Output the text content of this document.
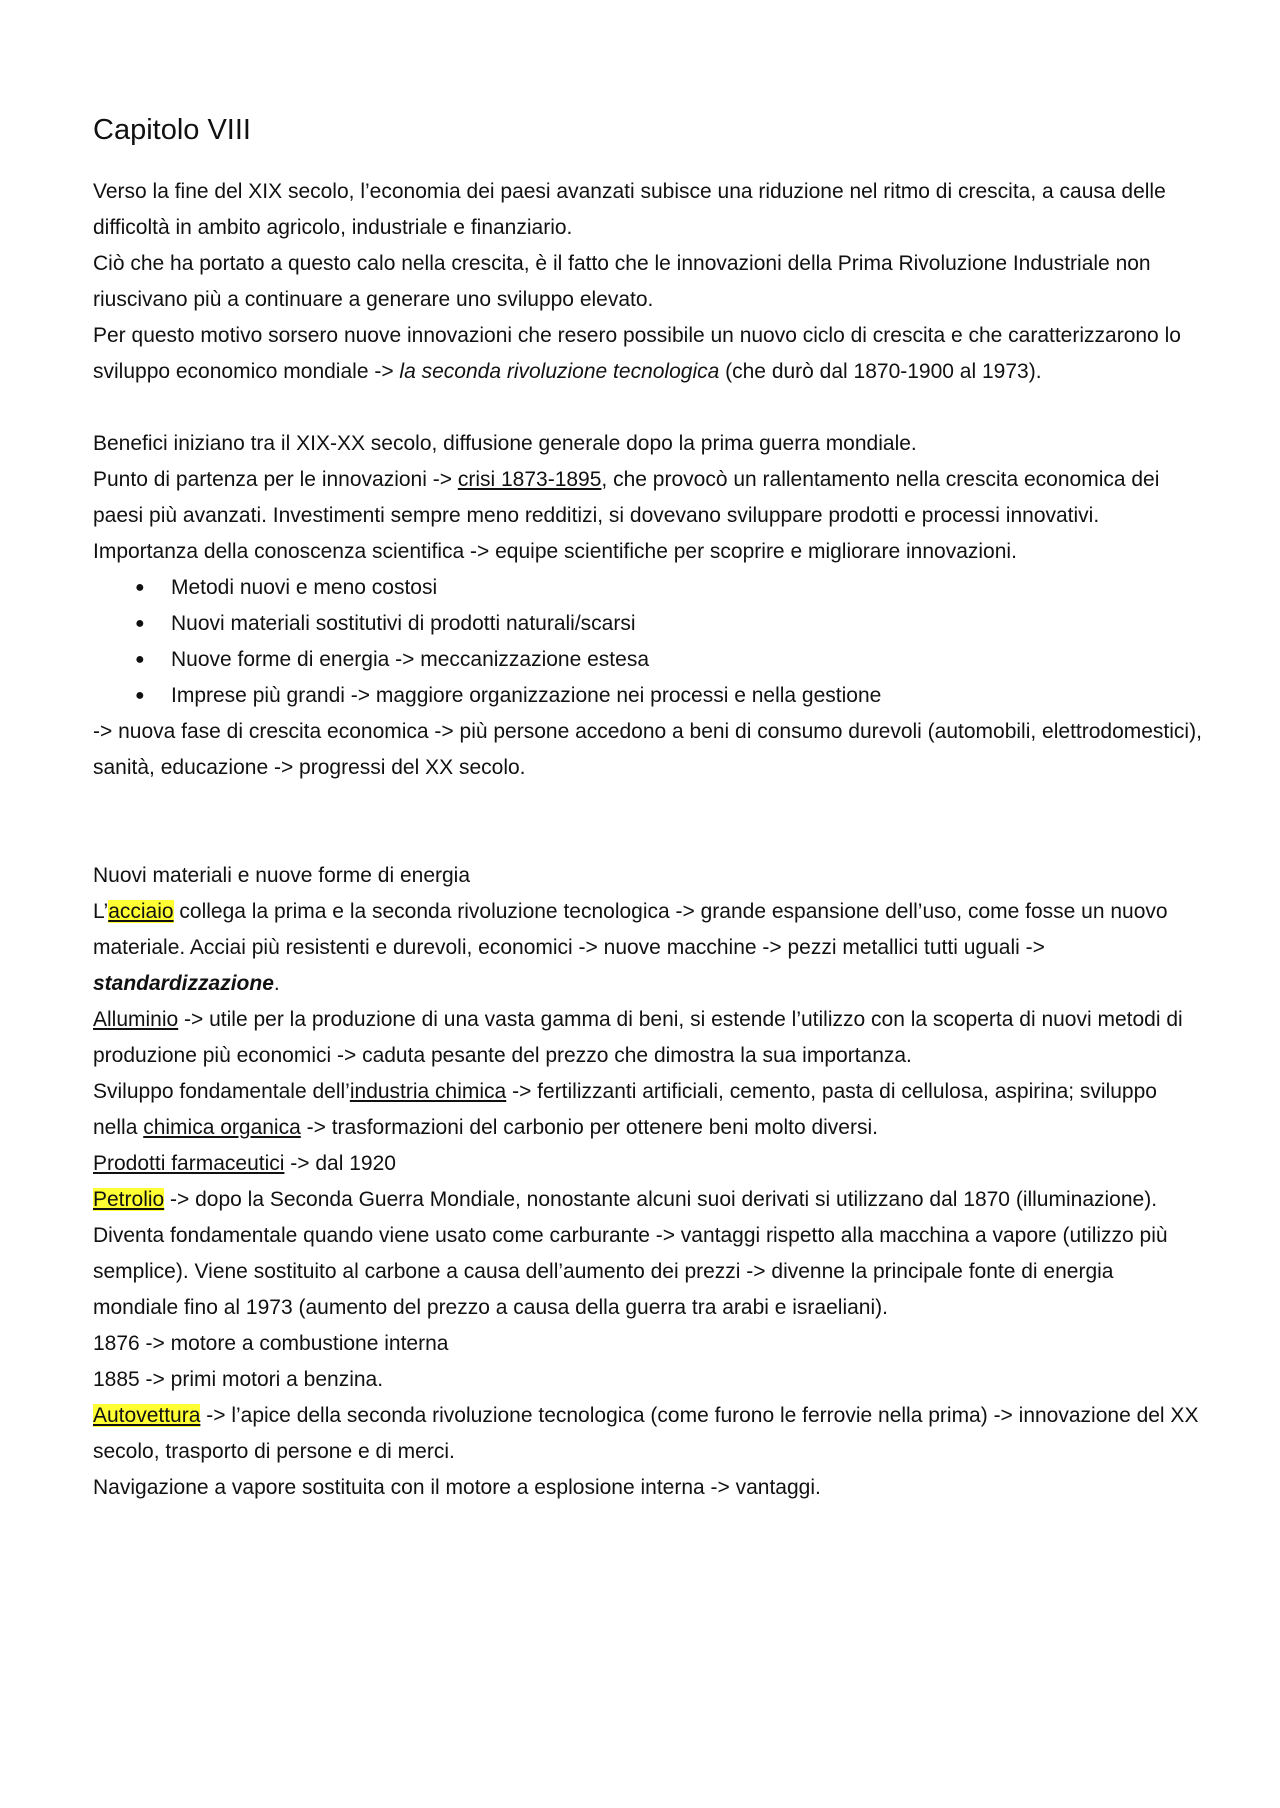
Capitolo VIII

Verso la fine del XIX secolo, l’economia dei paesi avanzati subisce una riduzione nel ritmo di crescita, a causa delle difficoltà in ambito agricolo, industriale e finanziario.

Ciò che ha portato a questo calo nella crescita, è il fatto che le innovazioni della Prima Rivoluzione Industriale non riuscivano più a continuare a generare uno sviluppo elevato.

Per questo motivo sorsero nuove innovazioni che resero possibile un nuovo ciclo di crescita e che caratterizzarono lo sviluppo economico mondiale -> la seconda rivoluzione tecnologica (che durò dal 1870-1900 al 1973).

Benefici iniziano tra il XIX-XX secolo, diffusione generale dopo la prima guerra mondiale.

Punto di partenza per le innovazioni -> crisi 1873-1895, che provocò un rallentamento nella crescita economica dei paesi più avanzati. Investimenti sempre meno redditizi, si dovevano sviluppare prodotti e processi innovativi.

Importanza della conoscenza scientifica -> equipe scientifiche per scoprire e migliorare innovazioni.

● Metodi nuovi e meno costosi
● Nuovi materiali sostitutivi di prodotti naturali/scarsi
● Nuove forme di energia -> meccanizzazione estesa
● Imprese più grandi -> maggiore organizzazione nei processi e nella gestione

-> nuova fase di crescita economica -> più persone accedono a beni di consumo durevoli (automobili, elettrodomestici), sanità, educazione -> progressi del XX secolo.

Nuovi materiali e nuove forme di energia

L’acciaio collega la prima e la seconda rivoluzione tecnologica -> grande espansione dell’uso, come fosse un nuovo materiale. Acciai più resistenti e durevoli, economici -> nuove macchine -> pezzi metallici tutti uguali -> standardizzazione.

Alluminio -> utile per la produzione di una vasta gamma di beni, si estende l’utilizzo con la scoperta di nuovi metodi di produzione più economici -> caduta pesante del prezzo che dimostra la sua importanza.

Sviluppo fondamentale dell’industria chimica -> fertilizzanti artificiali, cemento, pasta di cellulosa, aspirina; sviluppo nella chimica organica -> trasformazioni del carbonio per ottenere beni molto diversi.

Prodotti farmaceutici -> dal 1920

Petrolio -> dopo la Seconda Guerra Mondiale, nonostante alcuni suoi derivati si utilizzano dal 1870 (illuminazione). Diventa fondamentale quando viene usato come carburante -> vantaggi rispetto alla macchina a vapore (utilizzo più semplice). Viene sostituito al carbone a causa dell’aumento dei prezzi -> divenne la principale fonte di energia mondiale fino al 1973 (aumento del prezzo a causa della guerra tra arabi e israeliani).

1876 -> motore a combustione interna

1885 -> primi motori a benzina.

Autovettura -> l’apice della seconda rivoluzione tecnologica (come furono le ferrovie nella prima) -> innovazione del XX secolo, trasporto di persone e di merci.

Navigazione a vapore sostituita con il motore a esplosione interna -> vantaggi.
